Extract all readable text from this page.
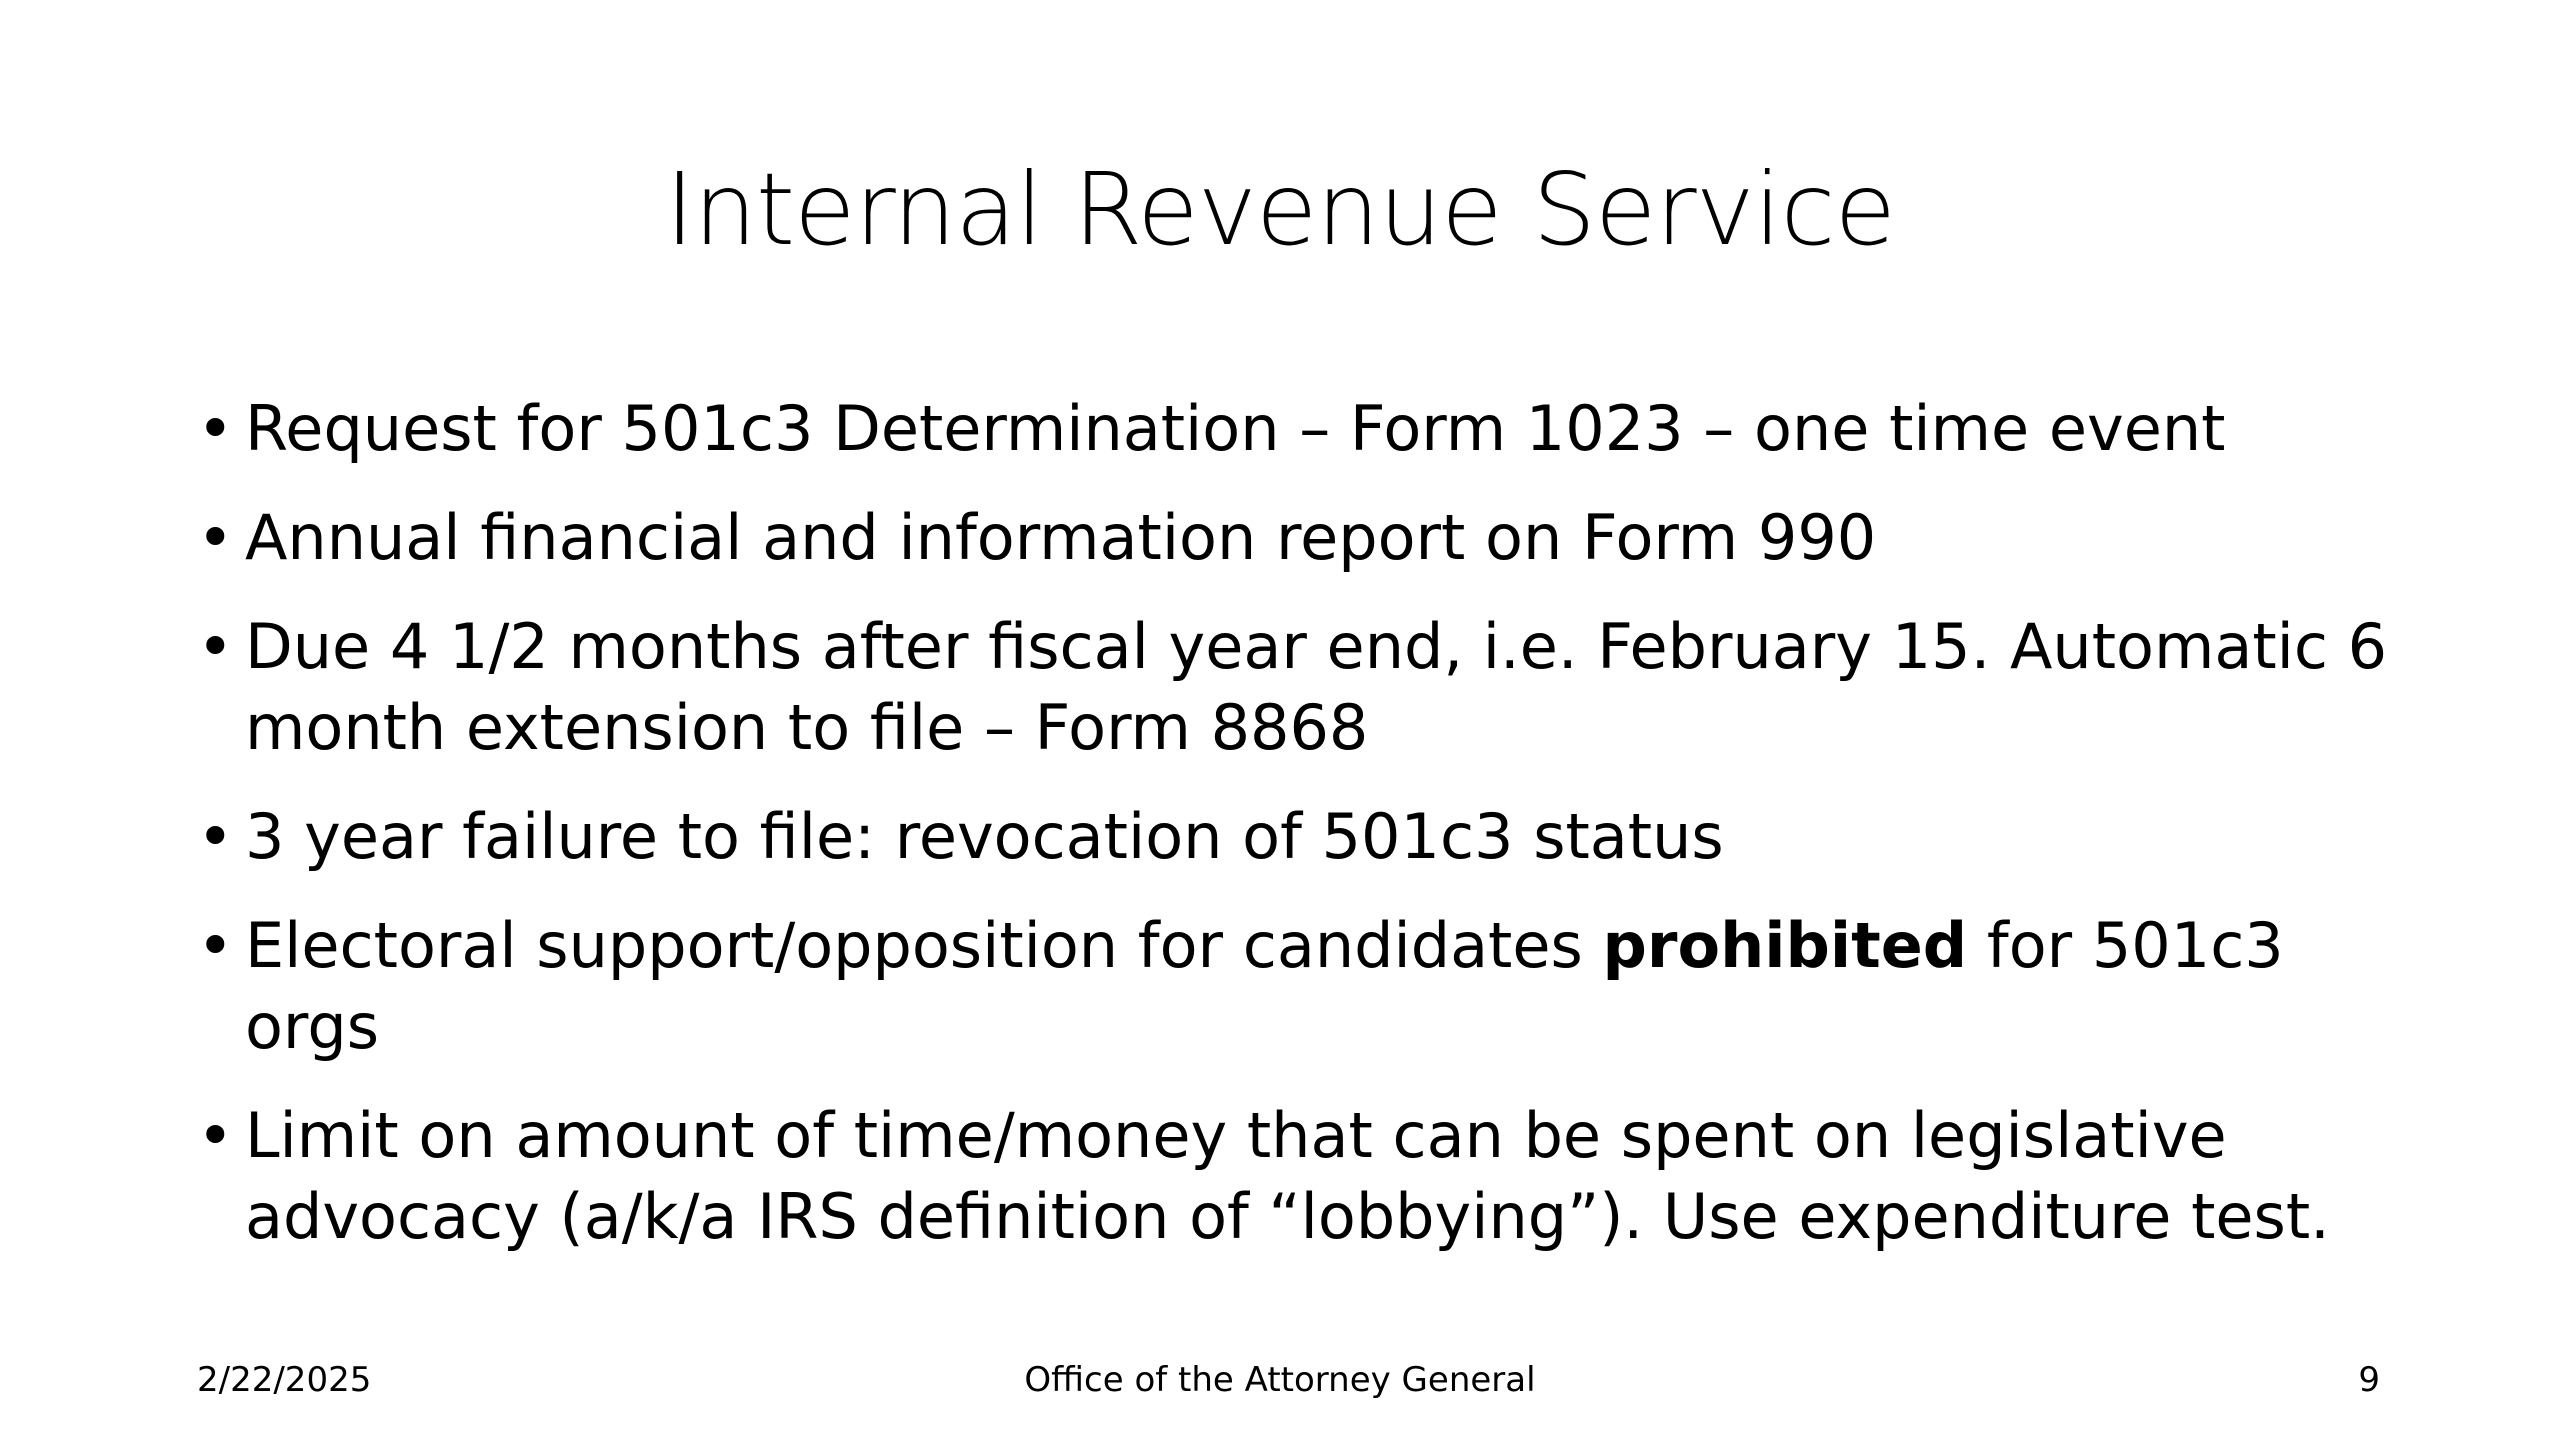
Internal Revenue Service
• Request for 501c3 Determination – Form 1023 – one time event
• Annual financial and information report on Form 990
• Due 4 1/2 months after fiscal year end, i.e. February 15. Automatic 6 month extension to file – Form 8868
• 3 year failure to file: revocation of 501c3 status
• Electoral support/opposition for candidates prohibited for 501c3 orgs
• Limit on amount of time/money that can be spent on legislative advocacy (a/k/a IRS definition of “lobbying”). Use expenditure test.
2/22/2025	Office of the Attorney General	9
